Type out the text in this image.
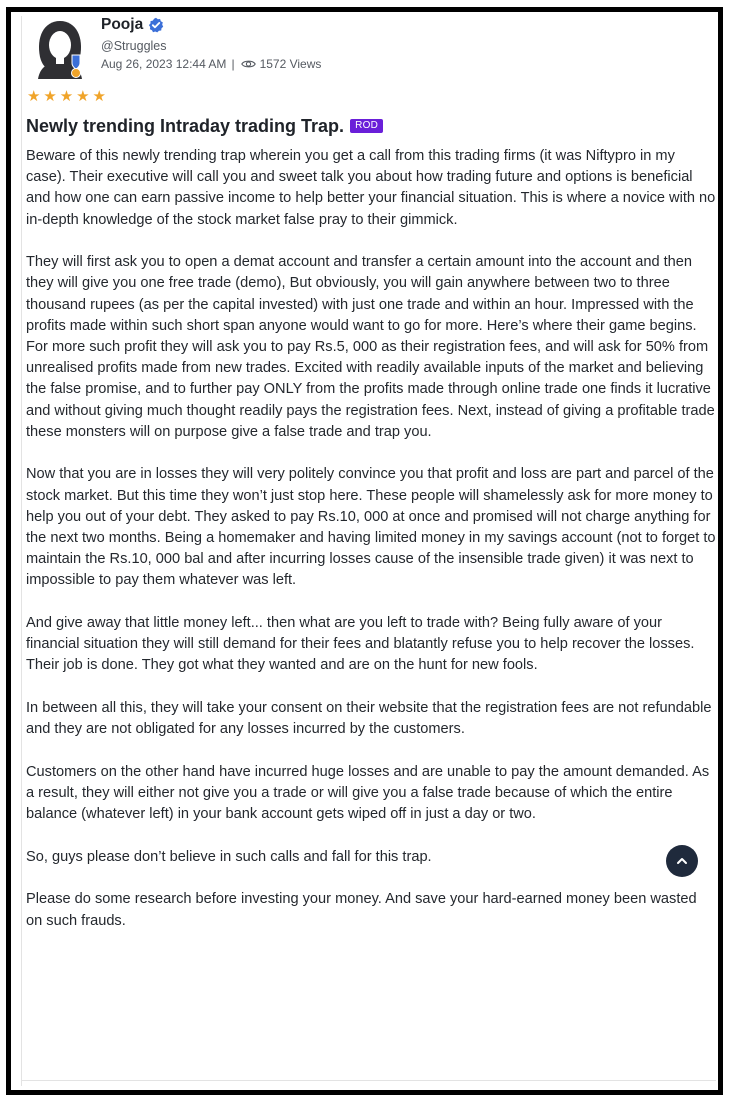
Pooja
@Struggles
Aug 26, 2023 12:44 AM | 1572 Views
★ ★ ★ ★ ★
Newly trending Intraday trading Trap.	ROD

Beware of this newly trending trap wherein you get a call from this trading firms (it was Niftypro in my case). Their executive will call you and sweet talk you about how trading future and options is beneficial and how one can earn passive income to help better your financial situation. This is where a novice with no in-depth knowledge of the stock market false pray to their gimmick.

They will first ask you to open a demat account and transfer a certain amount into the account and then they will give you one free trade (demo), But obviously, you will gain anywhere between two to three thousand rupees (as per the capital invested) with just one trade and within an hour. Impressed with the profits made within such short span anyone would want to go for more. Here’s where their game begins. For more such profit they will ask you to pay Rs.5, 000 as their registration fees, and will ask for 50% from unrealised profits made from new trades. Excited with readily available inputs of the market and believing the false promise, and to further pay ONLY from the profits made through online trade one finds it lucrative and without giving much thought readily pays the registration fees. Next, instead of giving a profitable trade these monsters will on purpose give a false trade and trap you.

Now that you are in losses they will very politely convince you that profit and loss are part and parcel of the stock market. But this time they won’t just stop here. These people will shamelessly ask for more money to help you out of your debt. They asked to pay Rs.10, 000 at once and promised will not charge anything for the next two months. Being a homemaker and having limited money in my savings account (not to forget to maintain the Rs.10, 000 bal and after incurring losses cause of the insensible trade given) it was next to impossible to pay them whatever was left.

And give away that little money left... then what are you left to trade with? Being fully aware of your financial situation they will still demand for their fees and blatantly refuse you to help recover the losses. Their job is done. They got what they wanted and are on the hunt for new fools.

In between all this, they will take your consent on their website that the registration fees are not refundable and they are not obligated for any losses incurred by the customers.

Customers on the other hand have incurred huge losses and are unable to pay the amount demanded. As a result, they will either not give you a trade or will give you a false trade because of which the entire balance (whatever left) in your bank account gets wiped off in just a day or two.

So, guys please don’t believe in such calls and fall for this trap.

Please do some research before investing your money. And save your hard-earned money been wasted on such frauds.
